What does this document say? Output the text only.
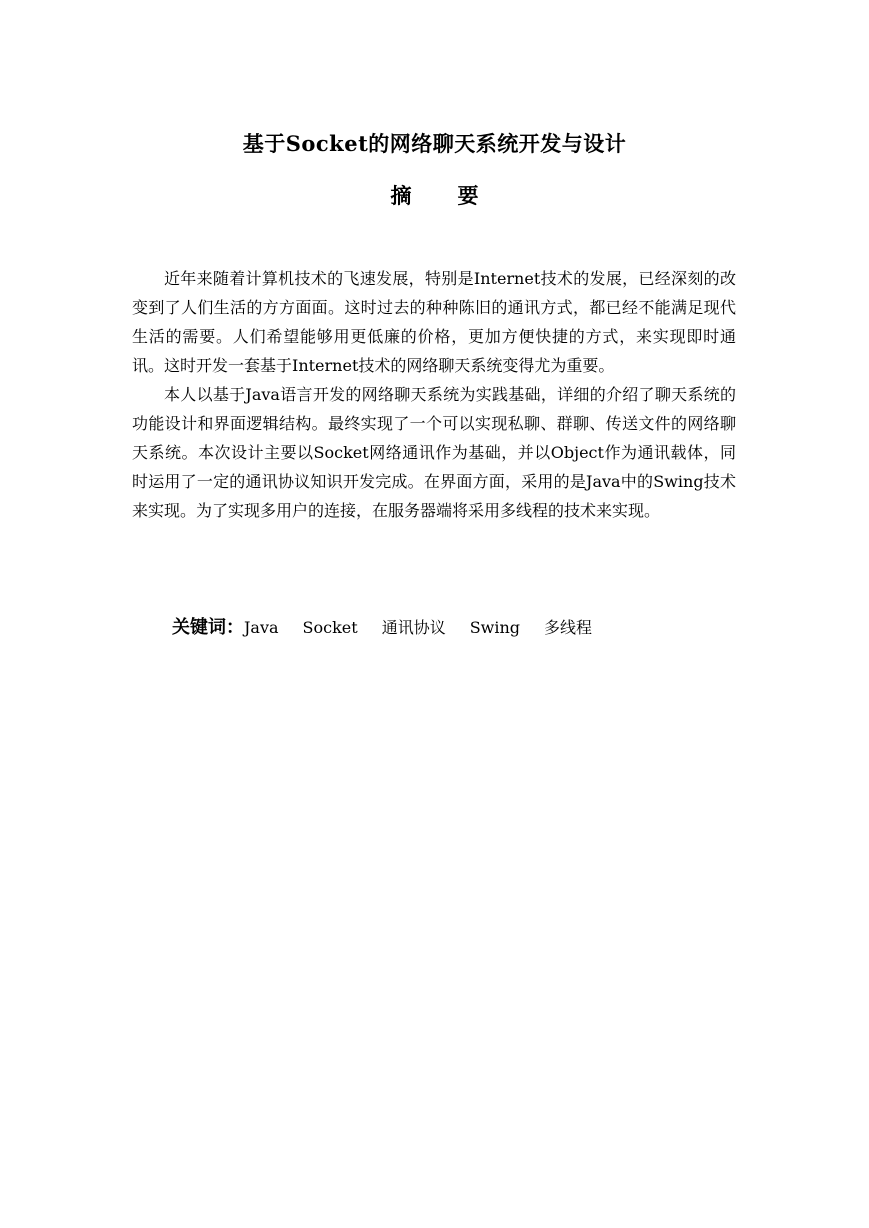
基于Socket的网络聊天系统开发与设计
摘要

近年来随着计算机技术的飞速发展，特别是Internet技术的发展，已经深刻的改变到了人们生活的方方面面。这时过去的种种陈旧的通讯方式，都已经不能满足现代生活的需要。人们希望能够用更低廉的价格，更加方便快捷的方式，来实现即时通讯。这时开发一套基于Internet技术的网络聊天系统变得尤为重要。

本人以基于Java语言开发的网络聊天系统为实践基础，详细的介绍了聊天系统的功能设计和界面逻辑结构。最终实现了一个可以实现私聊、群聊、传送文件的网络聊天系统。本次设计主要以Socket网络通讯作为基础，并以Object作为通讯载体，同时运用了一定的通讯协议知识开发完成。在界面方面，采用的是Java中的Swing技术来实现。为了实现多用户的连接，在服务器端将采用多线程的技术来实现。

关键词：Java Socket 通讯协议 Swing 多线程
